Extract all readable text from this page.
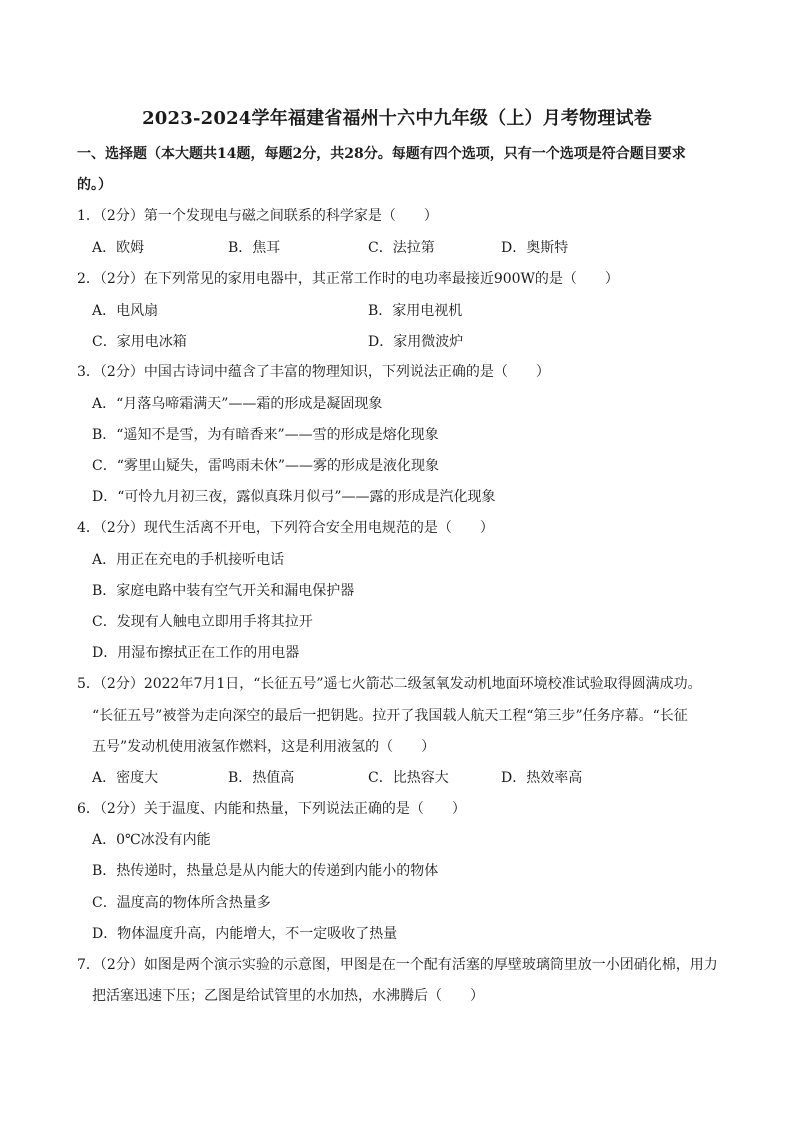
2023-2024学年福建省福州十六中九年级（上）月考物理试卷
一、选择题（本大题共14题，每题2分，共28分。每题有四个选项，只有一个选项是符合题目要求
的。）
1．（2分）第一个发现电与磁之间联系的科学家是（　　）
A．欧姆	B．焦耳	C．法拉第	D．奥斯特
2．（2分）在下列常见的家用电器中，其正常工作时的电功率最接近900W的是（　　）
A．电风扇	B．家用电视机
C．家用电冰箱	D．家用微波炉
3．（2分）中国古诗词中蕴含了丰富的物理知识，下列说法正确的是（　　）
A．“月落乌啼霜满天”——霜的形成是凝固现象
B．“遥知不是雪，为有暗香来”——雪的形成是熔化现象
C．“雾里山疑失，雷鸣雨未休”——雾的形成是液化现象
D．“可怜九月初三夜，露似真珠月似弓”——露的形成是汽化现象
4．（2分）现代生活离不开电，下列符合安全用电规范的是（　　）
A．用正在充电的手机接听电话
B．家庭电路中装有空气开关和漏电保护器
C．发现有人触电立即用手将其拉开
D．用湿布擦拭正在工作的用电器
5．（2分）2022年7月1日，“长征五号”遥七火箭芯二级氢氧发动机地面环境校准试验取得圆满成功。
“长征五号”被誉为走向深空的最后一把钥匙。拉开了我国载人航天工程“第三步”任务序幕。“长征
五号”发动机使用液氢作燃料，这是利用液氢的（　　）
A．密度大	B．热值高	C．比热容大	D．热效率高
6．（2分）关于温度、内能和热量，下列说法正确的是（　　）
A．0℃冰没有内能
B．热传递时，热量总是从内能大的传递到内能小的物体
C．温度高的物体所含热量多
D．物体温度升高，内能增大，不一定吸收了热量
7．（2分）如图是两个演示实验的示意图，甲图是在一个配有活塞的厚壁玻璃筒里放一小团硝化棉，用力
把活塞迅速下压；乙图是给试管里的水加热，水沸腾后（　　）
